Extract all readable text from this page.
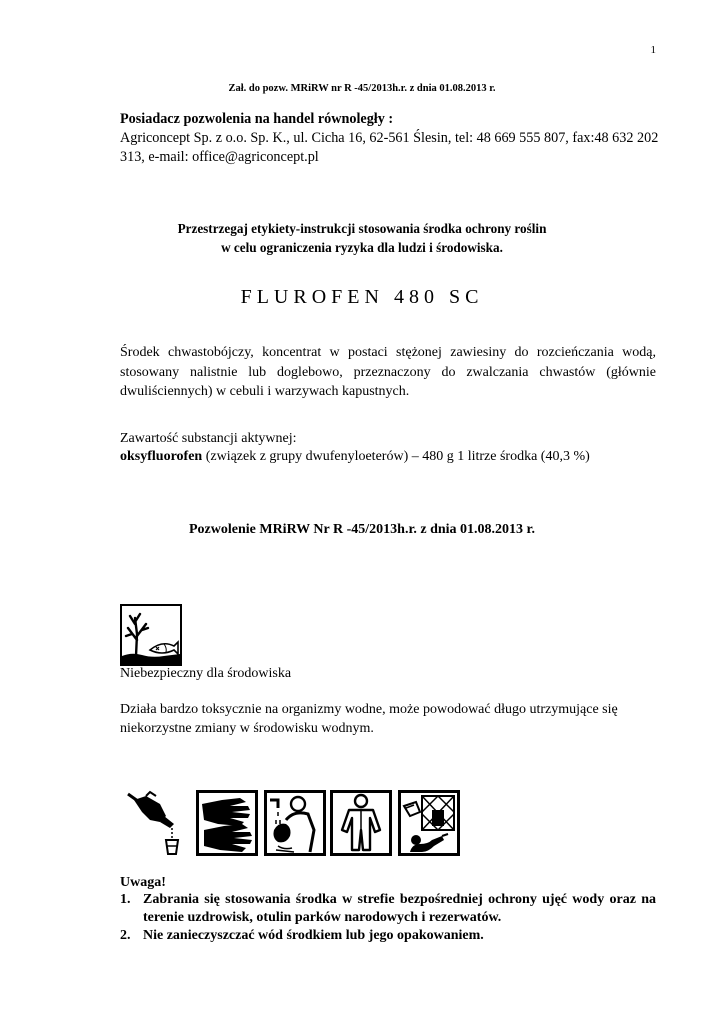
1
Zał. do pozw. MRiRW nr R -45/2013h.r. z dnia 01.08.2013 r.
Posiadacz pozwolenia na handel równoległy :
Agriconcept Sp. z o.o. Sp. K., ul. Cicha 16, 62-561 Ślesin, tel: 48 669 555 807, fax:48 632 202 313, e-mail: office@agriconcept.pl
Przestrzegaj etykiety-instrukcji stosowania środka ochrony roślin
w celu ograniczenia ryzyka dla ludzi i środowiska.
FLUROFEN 480 SC
Środek chwastobójczy, koncentrat w postaci stężonej zawiesiny do rozcieńczania wodą, stosowany nalistnie lub doglebowo, przeznaczony do zwalczania chwastów (głównie dwuliściennych) w cebuli i warzywach kapustnych.
Zawartość substancji aktywnej:
oksyfluorofen (związek z grupy dwufenyloeterów) – 480 g 1 litrze środka (40,3 %)
Pozwolenie MRiRW Nr R -45/2013h.r. z dnia 01.08.2013 r.
Niebezpieczny dla środowiska
Działa bardzo toksycznie na organizmy wodne, może powodować długo utrzymujące się niekorzystne zmiany w środowisku wodnym.
Uwaga!
1. Zabrania się stosowania środka w strefie bezpośredniej ochrony ujęć wody oraz na terenie uzdrowisk, otulin parków narodowych i rezerwatów.
2. Nie zanieczyszczać wód środkiem lub jego opakowaniem.
